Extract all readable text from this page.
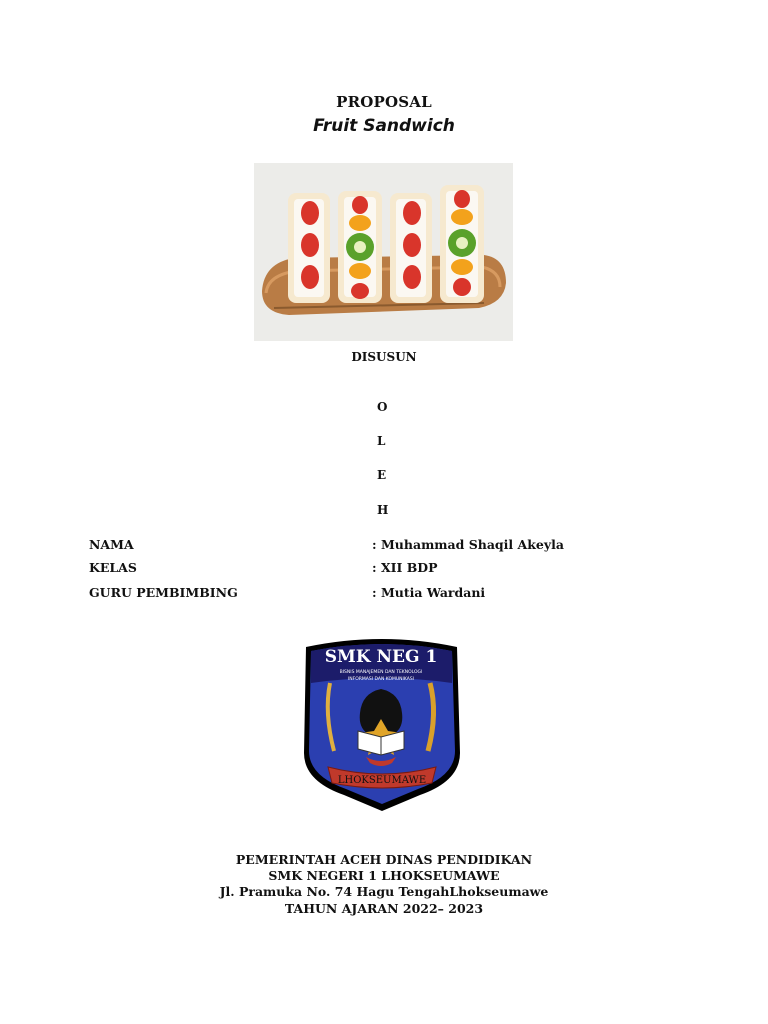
PROPOSAL
Fruit Sandwich
DISUSUN
O
L
E
H
NAMA	: Muhammad Shaqil Akeyla
KELAS	: XII BDP
GURU PEMBIMBING	: Mutia Wardani
SMK NEG 1
BISNIS MANAJEMEN DAN TEKNOLOGI
INFORMASI DAN KOMUNIKASI
LHOKSEUMAWE
PEMERINTAH ACEH DINAS PENDIDIKAN
SMK NEGERI 1 LHOKSEUMAWE
Jl. Pramuka No. 74 Hagu TengahLhokseumawe
TAHUN AJARAN 2022– 2023
